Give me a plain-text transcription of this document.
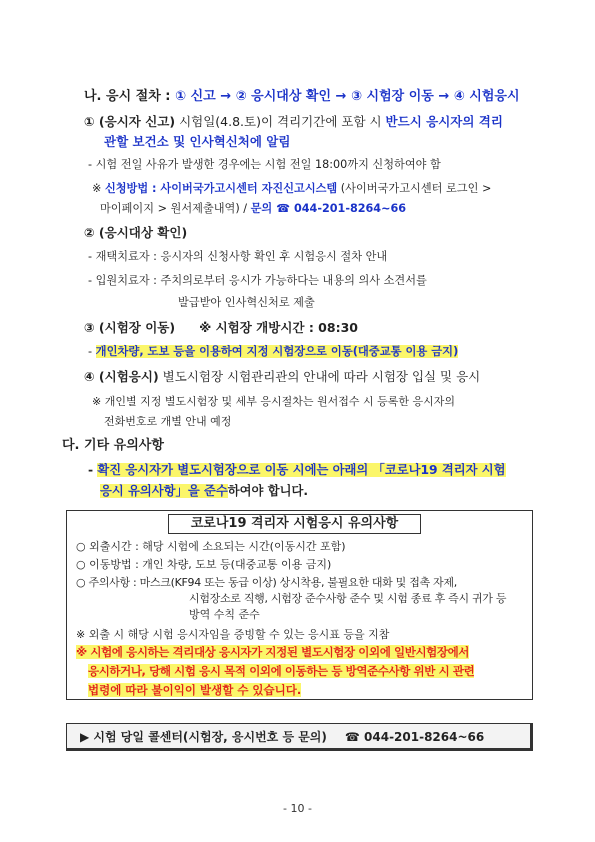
나. 응시 절차 : ① 신고 → ② 응시대상 확인 → ③ 시험장 이동 → ④ 시험응시
① (응시자 신고) 시험일(4.8.토)이 격리기간에 포함 시 반드시 응시자의 격리
관할 보건소 및 인사혁신처에 알림
- 시험 전일 사유가 발생한 경우에는 시험 전일 18:00까지 신청하여야 함
※ 신청방법 : 사이버국가고시센터 자진신고시스템 (사이버국가고시센터 로그인 >
마이페이지 > 원서제출내역) / 문의 ☎ 044-201-8264~66
② (응시대상 확인)
- 재택치료자 : 응시자의 신청사항 확인 후 시험응시 절차 안내
- 입원치료자 : 주치의로부터 응시가 가능하다는 내용의 의사 소견서를
발급받아 인사혁신처로 제출
③ (시험장 이동) ※ 시험장 개방시간 : 08:30
- 개인차량, 도보 등을 이용하여 지정 시험장으로 이동(대중교통 이용 금지)
④ (시험응시) 별도시험장 시험관리관의 안내에 따라 시험장 입실 및 응시
※ 개인별 지정 별도시험장 및 세부 응시절차는 원서접수 시 등록한 응시자의
전화번호로 개별 안내 예정
다. 기타 유의사항
- 확진 응시자가 별도시험장으로 이동 시에는 아래의 「코로나19 격리자 시험
응시 유의사항」을 준수하여야 합니다.
코로나19 격리자 시험응시 유의사항
○ 외출시간 : 해당 시험에 소요되는 시간(이동시간 포함)
○ 이동방법 : 개인 차량, 도보 등(대중교통 이용 금지)
○ 주의사항 : 마스크(KF94 또는 동급 이상) 상시착용, 불필요한 대화 및 접촉 자제,
시험장소로 직행, 시험장 준수사항 준수 및 시험 종료 후 즉시 귀가 등
방역 수칙 준수
※ 외출 시 해당 시험 응시자임을 증빙할 수 있는 응시표 등을 지참
※ 시험에 응시하는 격리대상 응시자가 지정된 별도시험장 이외에 일반시험장에서
응시하거나, 당해 시험 응시 목적 이외에 이동하는 등 방역준수사항 위반 시 관련
법령에 따라 불이익이 발생할 수 있습니다.
▶ 시험 당일 콜센터(시험장, 응시번호 등 문의) ☎ 044-201-8264~66
- 10 -
